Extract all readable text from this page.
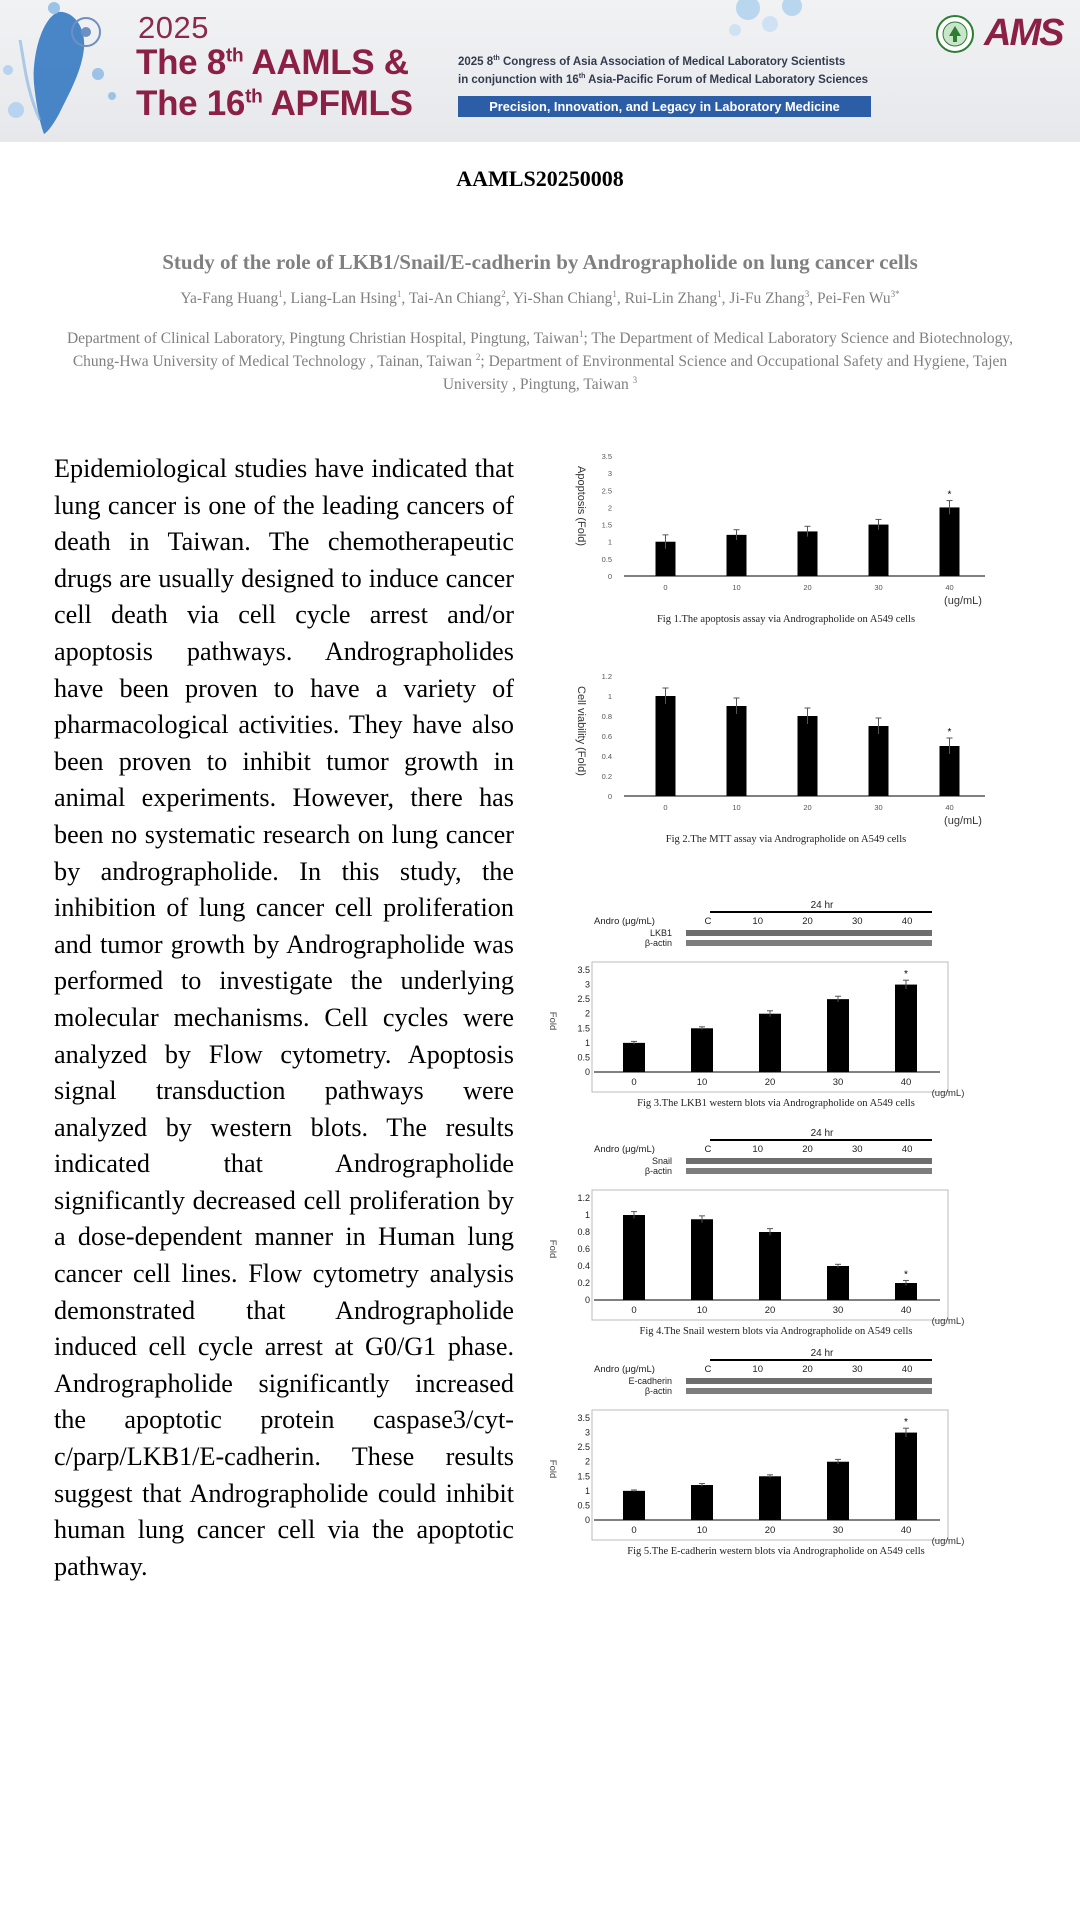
2025
The 8th AAMLS &
The 16th APFMLS
2025 8th Congress of Asia Association of Medical Laboratory Scientists
in conjunction with 16th Asia-Pacific Forum of Medical Laboratory Sciences
Precision, Innovation, and Legacy in Laboratory Medicine
AMS
AAMLS20250008
Study of the role of LKB1/Snail/E-cadherin by Andrographolide on lung cancer cells
Ya-Fang Huang$^1$, Liang-Lan Hsing$^1$, Tai-An Chiang$^2$, Yi-Shan Chiang$^1$, Rui-Lin Zhang$^1$, Ji-Fu Zhang$^3$, Pei-Fen $Wu^{3*}$
Department of Clinical Laboratory, Pingtung Christian Hospital, Pingtung, Taiwan$^1$; The Department of Medical Laboratory Science and Biotechnology, Chung-Hwa University of Medical Technology , Tainan, Taiwan $^2$; Department of Environmental Science and Occupational Safety and Hygiene, Tajen University , Pingtung, Taiwan $^3$
Epidemiological studies have indicated that lung cancer is one of the leading cancers of death in Taiwan. The chemotherapeutic drugs are usually designed to induce cancer cell death via cell cycle arrest and/or apoptosis pathways. Andrographolides have been proven to have a variety of pharmacological activities. They have also been proven to inhibit tumor growth in animal experiments. However, there has been no systematic research on lung cancer by andrographolide. In this study, the inhibition of lung cancer cell proliferation and tumor growth by Andrographolide was performed to investigate the underlying molecular mechanisms. Cell cycles were analyzed by Flow cytometry. Apoptosis signal transduction pathways were analyzed by western blots. The results indicated that Andrographolide significantly decreased cell proliferation by a dose-dependent manner in Human lung cancer cell lines. Flow cytometry analysis demonstrated that Andrographolide induced cell cycle arrest at G0/G1 phase. Andrographolide significantly increased the apoptotic protein caspase3/cyt-c/parp/LKB1/E-cadherin. These results suggest that Andrographolide could inhibit human lung cancer cell via the apoptotic pathway.
Apoptosis (Fold)
0
0.5
1
1.5
2
2.5
3
3.5
0	10	20	30
*
40
(ug/mL)
Fig 1.The apoptosis assay via Andrographolide on A549 cells
Cell viability (Fold)
0
0.2
0.4
0.6
0.8
1
1.2
0	10	20	30
*
40
(ug/mL)
Fig 2.The MTT assay via Andrographolide on A549 cells
24 hr
Andro (μg/mL)	C	10	20	30	40
LKB1
β-actin
Fold
0
0.5
1
1.5
2
2.5
3
3.5
0	10	20	30
*
40
(ug/mL)
Fig 3.The LKB1 western blots via Andrographolide on A549 cells
24 hr
Andro (μg/mL)	C	10	20	30	40
Snail
β-actin
Fold
0
0.2
0.4
0.6
0.8
1
1.2
0	10	20	30
*
40
(ug/mL)
Fig 4.The Snail western blots via Andrographolide on A549 cells
24 hr
Andro (μg/mL)	C	10	20	30	40
E-cadherin
β-actin
Fold
0
0.5
1
1.5
2
2.5
3
3.5
0	10	20	30
*
40
(ug/mL)
Fig 5.The E-cadherin western blots via Andrographolide on A549 cells
